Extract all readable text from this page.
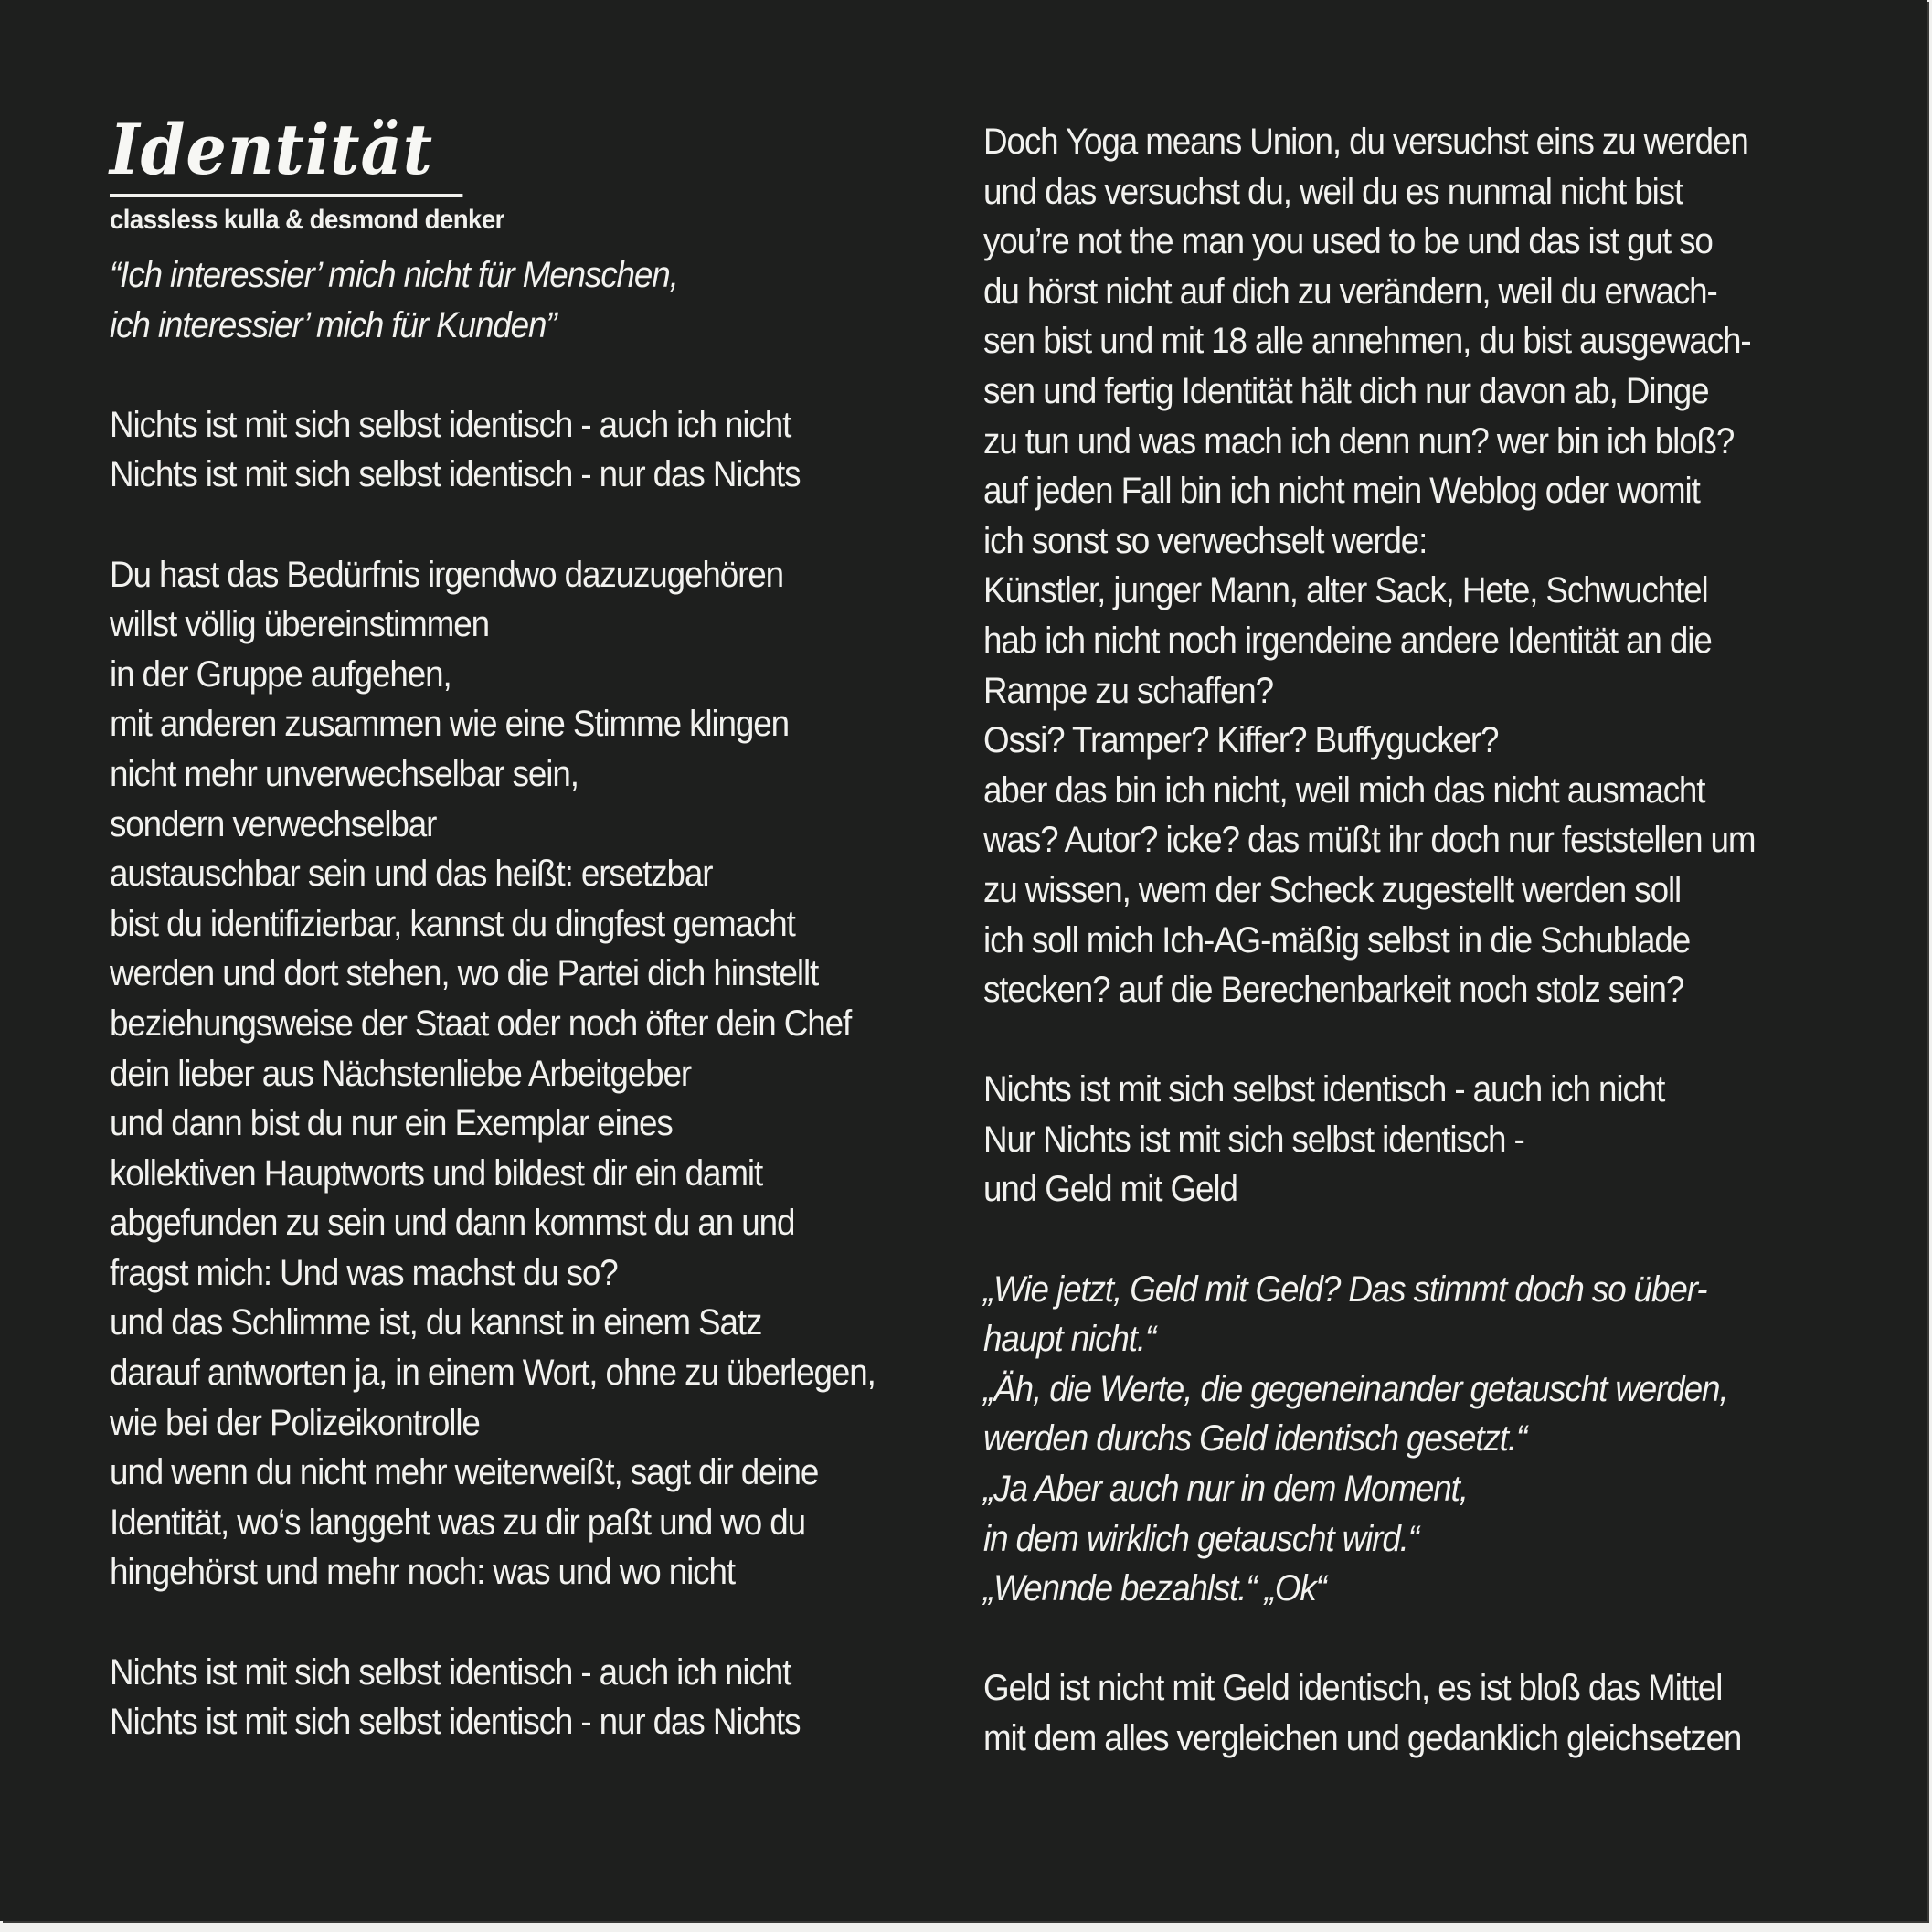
Identität
classless kulla & desmond denker
“Ich interessier’ mich nicht für Menschen,
ich interessier’ mich für Kunden”
Nichts ist mit sich selbst identisch - auch ich nicht
Nichts ist mit sich selbst identisch - nur das Nichts
Du hast das Bedürfnis irgendwo dazuzugehören
willst völlig übereinstimmen
in der Gruppe aufgehen,
mit anderen zusammen wie eine Stimme klingen
nicht mehr unverwechselbar sein,
sondern verwechselbar
austauschbar sein und das heißt: ersetzbar
bist du identifizierbar, kannst du dingfest gemacht
werden und dort stehen, wo die Partei dich hinstellt
beziehungsweise der Staat oder noch öfter dein Chef
dein lieber aus Nächstenliebe Arbeitgeber
und dann bist du nur ein Exemplar eines
kollektiven Hauptworts und bildest dir ein damit
abgefunden zu sein und dann kommst du an und
fragst mich: Und was machst du so?
und das Schlimme ist, du kannst in einem Satz
darauf antworten ja, in einem Wort, ohne zu überlegen,
wie bei der Polizeikontrolle
und wenn du nicht mehr weiterweißt, sagt dir deine
Identität, wo‘s langgeht was zu dir paßt und wo du
hingehörst und mehr noch: was und wo nicht
Nichts ist mit sich selbst identisch - auch ich nicht
Nichts ist mit sich selbst identisch - nur das Nichts
Doch Yoga means Union, du versuchst eins zu werden
und das versuchst du, weil du es nunmal nicht bist
you’re not the man you used to be und das ist gut so
du hörst nicht auf dich zu verändern, weil du erwach-
sen bist und mit 18 alle annehmen, du bist ausgewach-
sen und fertig Identität hält dich nur davon ab, Dinge
zu tun und was mach ich denn nun? wer bin ich bloß?
auf jeden Fall bin ich nicht mein Weblog oder womit
ich sonst so verwechselt werde:
Künstler, junger Mann, alter Sack, Hete, Schwuchtel
hab ich nicht noch irgendeine andere Identität an die
Rampe zu schaffen?
Ossi? Tramper? Kiffer? Buffygucker?
aber das bin ich nicht, weil mich das nicht ausmacht
was? Autor? icke? das müßt ihr doch nur feststellen um
zu wissen, wem der Scheck zugestellt werden soll
ich soll mich Ich-AG-mäßig selbst in die Schublade
stecken? auf die Berechenbarkeit noch stolz sein?
Nichts ist mit sich selbst identisch - auch ich nicht
Nur Nichts ist mit sich selbst identisch -
und Geld mit Geld
„Wie jetzt, Geld mit Geld? Das stimmt doch so über-
haupt nicht.“
„Äh, die Werte, die gegeneinander getauscht werden,
werden durchs Geld identisch gesetzt.“
„Ja Aber auch nur in dem Moment,
in dem wirklich getauscht wird.“
„Wennde bezahlst.“ „Ok“
Geld ist nicht mit Geld identisch, es ist bloß das Mittel
mit dem alles vergleichen und gedanklich gleichsetzen
